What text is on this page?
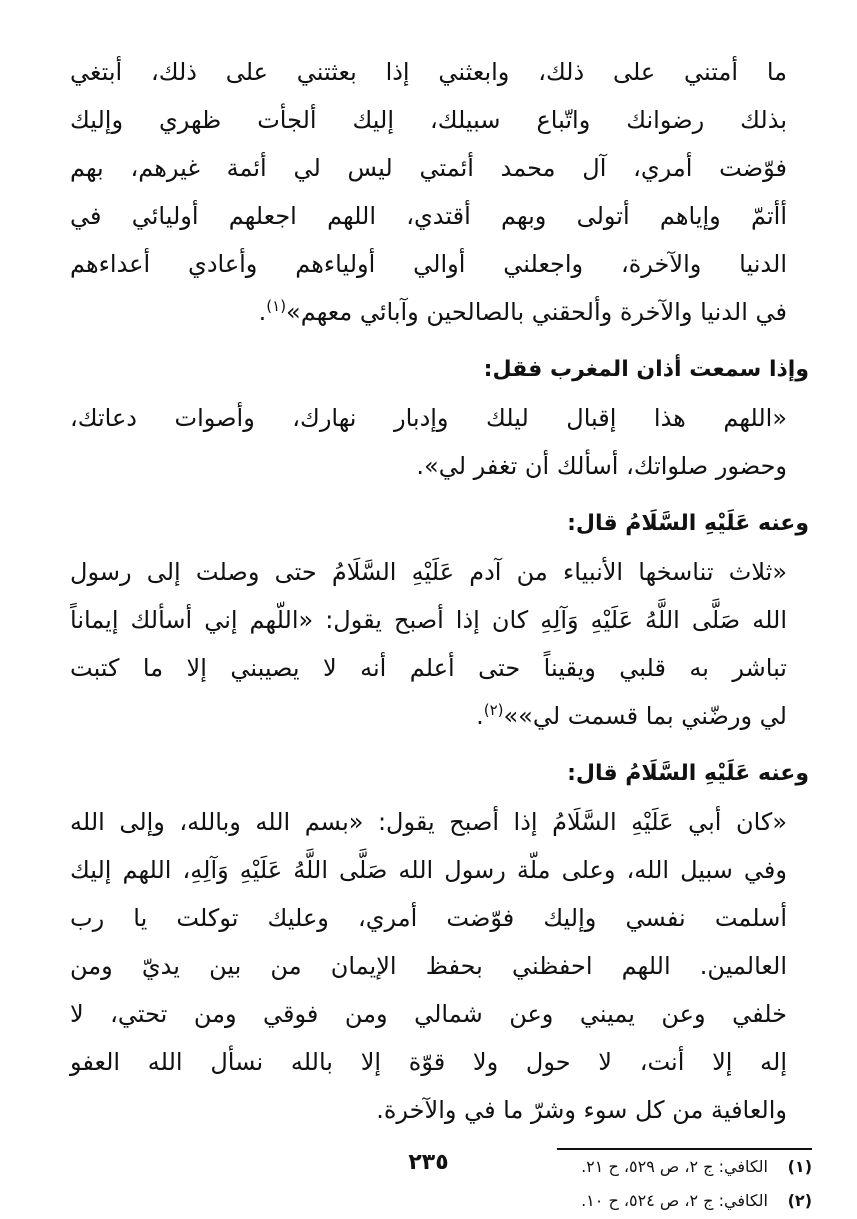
ما أمتني على ذلك، وابعثني إذا بعثتني على ذلك، أبتغي
بذلك رضوانك واتّباع سبيلك، إليك ألجأت ظهري وإليك
فوّضت أمري، آل محمد أئمتي ليس لي أئمة غيرهم، بهم
أأتمّ وإياهم أتولى وبهم أقتدي، اللهم اجعلهم أوليائي في
الدنيا والآخرة، واجعلني أوالي أولياءهم وأعادي أعداءهم
في الدنيا والآخرة وألحقني بالصالحين وآبائي معهم»$^{(١)}$.
وإذا سمعت أذان المغرب فقل:
«اللهم هذا إقبال ليلك وإدبار نهارك، وأصوات دعاتك،
وحضور صلواتك، أسألك أن تغفر لي».
وعنه عَلَيْهِ السَّلَامُ قال:
«ثلاث تناسخها الأنبياء من آدم عَلَيْهِ السَّلَامُ حتى وصلت إلى رسول
الله صَلَّى اللَّهُ عَلَيْهِ وَآلِهِ كان إذا أصبح يقول: «اللّهم إني أسألك إيماناً
تباشر به قلبي ويقيناً حتى أعلم أنه لا يصيبني إلا ما كتبت
لي ورضّني بما قسمت لي»»$^{(٢)}$.
وعنه عَلَيْهِ السَّلَامُ قال:
«كان أبي عَلَيْهِ السَّلَامُ إذا أصبح يقول: «بسم الله وبالله، وإلى الله
وفي سبيل الله، وعلى ملّة رسول الله صَلَّى اللَّهُ عَلَيْهِ وَآلِهِ، اللهم إليك
أسلمت نفسي وإليك فوّضت أمري، وعليك توكلت يا رب
العالمين. اللهم احفظني بحفظ الإيمان من بين يديّ ومن
خلفي وعن يميني وعن شمالي ومن فوقي ومن تحتي، لا
إله إلا أنت، لا حول ولا قوّة إلا بالله نسأل الله العفو
والعافية من كل سوء وشرّ ما في والآخرة.
(١)الكافي: ج ٢، ص ٥٢٩، ح ٢١.
(٢)الكافي: ج ٢، ص ٥٢٤، ح ١٠.
٢٣٥
